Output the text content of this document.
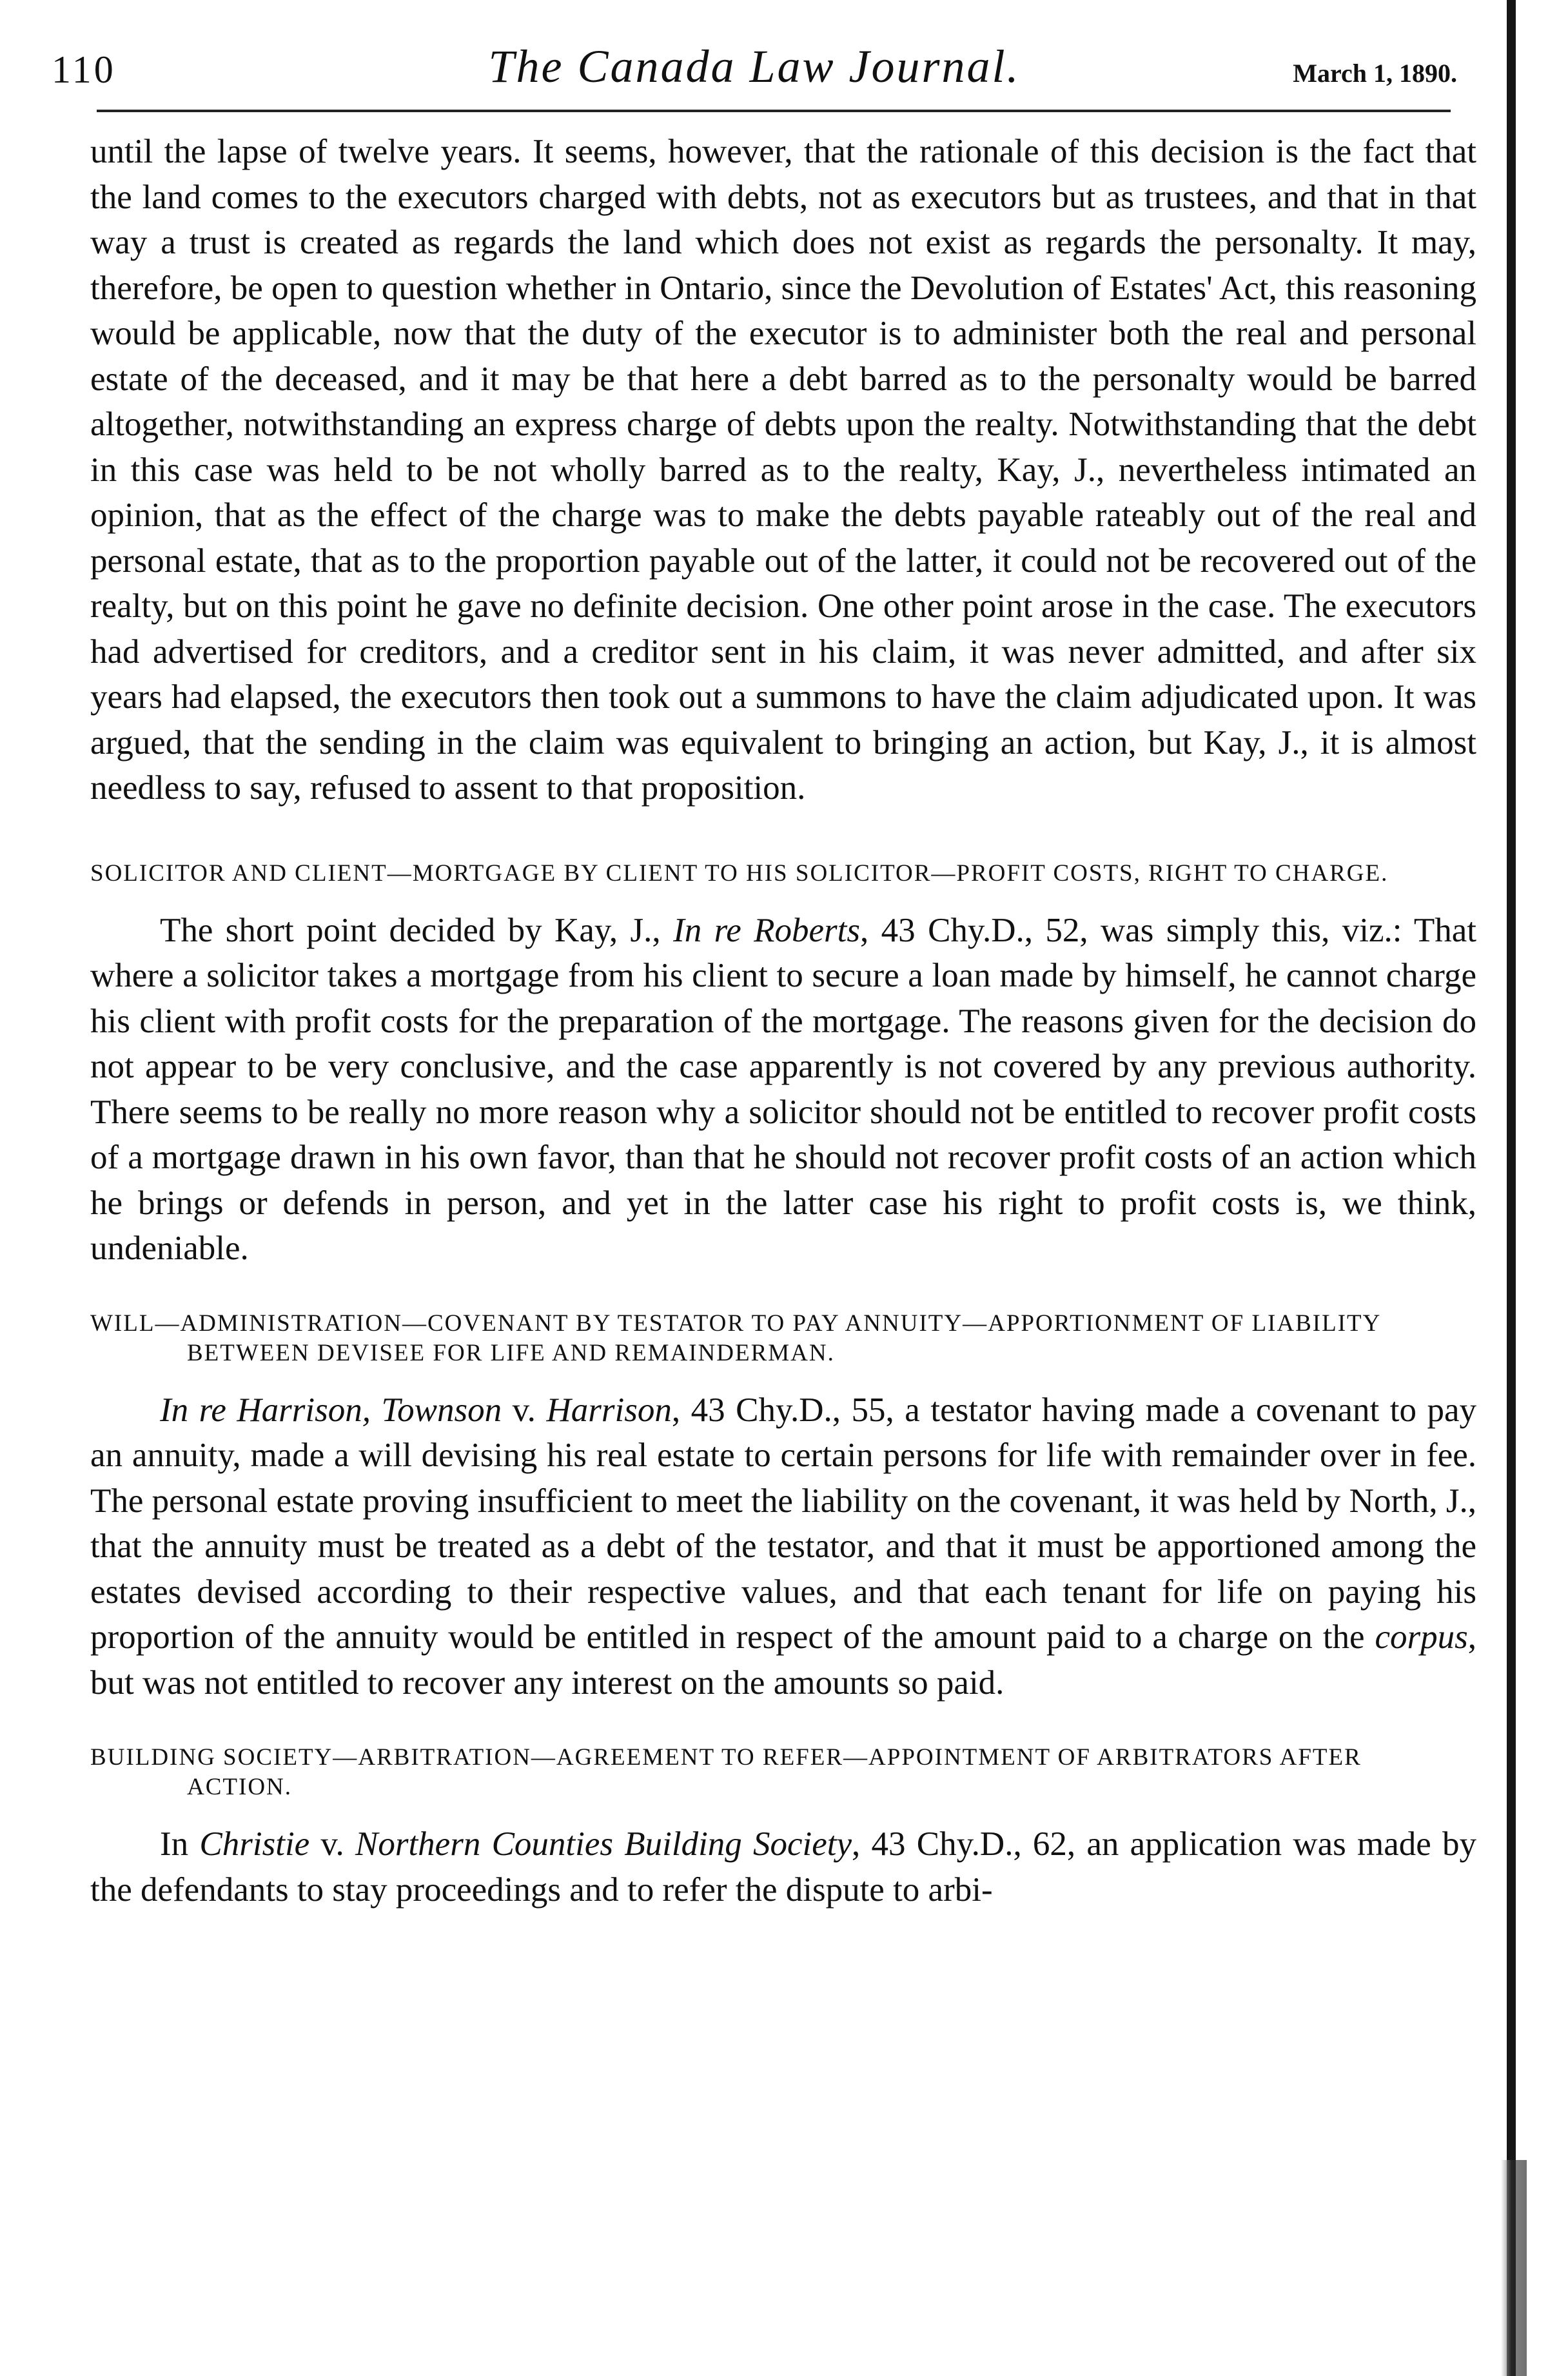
110	The Canada Law Journal.	March 1, 1890.

until the lapse of twelve years. It seems, however, that the rationale of this decision is the fact that the land comes to the executors charged with debts, not as executors but as trustees, and that in that way a trust is created as regards the land which does not exist as regards the personalty. It may, therefore, be open to question whether in Ontario, since the Devolution of Estates' Act, this reasoning would be applicable, now that the duty of the executor is to administer both the real and personal estate of the deceased, and it may be that here a debt barred as to the personalty would be barred altogether, notwithstanding an express charge of debts upon the realty. Notwithstanding that the debt in this case was held to be not wholly barred as to the realty, Kay, J., nevertheless intimated an opinion, that as the effect of the charge was to make the debts payable rateably out of the real and personal estate, that as to the proportion payable out of the latter, it could not be recovered out of the realty, but on this point he gave no definite decision. One other point arose in the case. The executors had advertised for creditors, and a creditor sent in his claim, it was never admitted, and after six years had elapsed, the executors then took out a summons to have the claim adjudicated upon. It was argued, that the sending in the claim was equivalent to bringing an action, but Kay, J., it is almost needless to say, refused to assent to that proposition.

SOLICITOR AND CLIENT—MORTGAGE BY CLIENT TO HIS SOLICITOR—PROFIT COSTS, RIGHT TO CHARGE.

The short point decided by Kay, J., In re Roberts, 43 Chy.D., 52, was simply this, viz.: That where a solicitor takes a mortgage from his client to secure a loan made by himself, he cannot charge his client with profit costs for the preparation of the mortgage. The reasons given for the decision do not appear to be very conclusive, and the case apparently is not covered by any previous authority. There seems to be really no more reason why a solicitor should not be entitled to recover profit costs of a mortgage drawn in his own favor, than that he should not recover profit costs of an action which he brings or defends in person, and yet in the latter case his right to profit costs is, we think, undeniable.

WILL—ADMINISTRATION—COVENANT BY TESTATOR TO PAY ANNUITY—APPORTIONMENT OF LIABILITY
BETWEEN DEVISEE FOR LIFE AND REMAINDERMAN.

In re Harrison, Townson v. Harrison, 43 Chy.D., 55, a testator having made a covenant to pay an annuity, made a will devising his real estate to certain persons for life with remainder over in fee. The personal estate proving insufficient to meet the liability on the covenant, it was held by North, J., that the annuity must be treated as a debt of the testator, and that it must be apportioned among the estates devised according to their respective values, and that each tenant for life on paying his proportion of the annuity would be entitled in respect of the amount paid to a charge on the corpus, but was not entitled to recover any interest on the amounts so paid.

BUILDING SOCIETY—ARBITRATION—AGREEMENT TO REFER—APPOINTMENT OF ARBITRATORS AFTER
ACTION.

In Christie v. Northern Counties Building Society, 43 Chy.D., 62, an application was made by the defendants to stay proceedings and to refer the dispute to arbi-
